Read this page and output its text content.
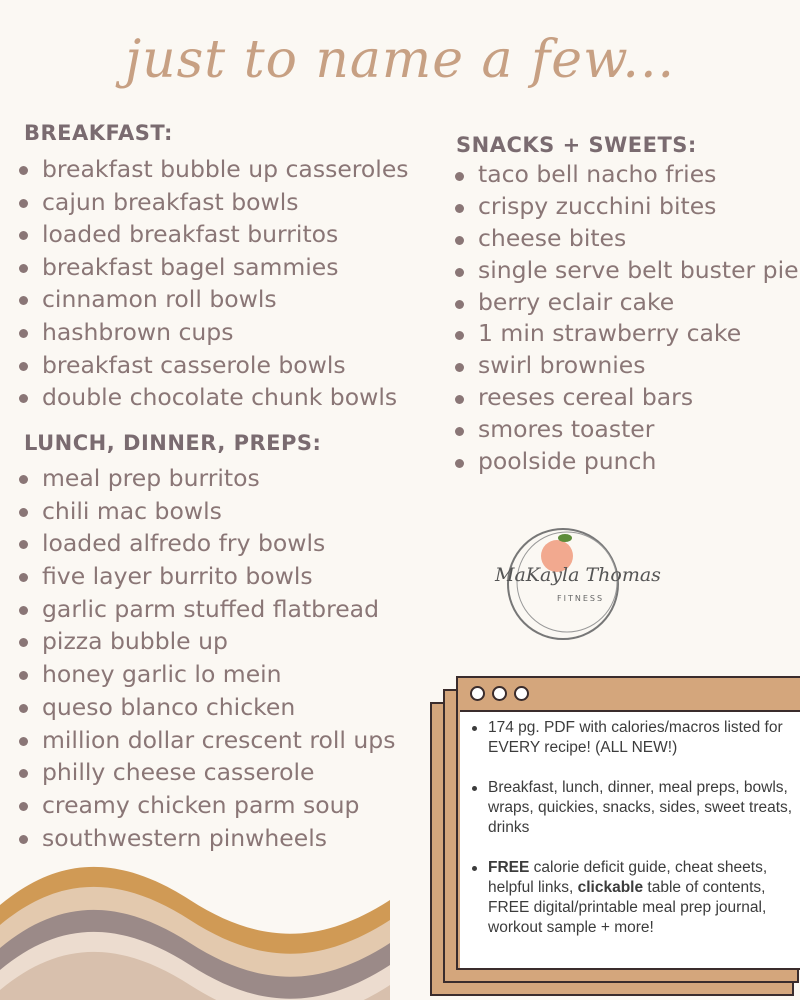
just to name a few...
BREAKFAST:
breakfast bubble up casseroles
cajun breakfast bowls
loaded breakfast burritos
breakfast bagel sammies
cinnamon roll bowls
hashbrown cups
breakfast casserole bowls
double chocolate chunk bowls
LUNCH, DINNER, PREPS:
meal prep burritos
chili mac bowls
loaded alfredo fry bowls
five layer burrito bowls
garlic parm stuffed flatbread
pizza bubble up
honey garlic lo mein
queso blanco chicken
million dollar crescent roll ups
philly cheese casserole
creamy chicken parm soup
southwestern pinwheels
SNACKS + SWEETS:
taco bell nacho fries
crispy zucchini bites
cheese bites
single serve belt buster pie
berry eclair cake
1 min strawberry cake
swirl brownies
reeses cereal bars
smores toaster
poolside punch
MaKayla Thomas
FITNESS
174 pg. PDF with calories/macros listed for EVERY recipe! (ALL NEW!)
Breakfast, lunch, dinner, meal preps, bowls, wraps, quickies, snacks, sides, sweet treats, drinks
FREE calorie deficit guide, cheat sheets, helpful links, clickable table of contents, FREE digital/printable meal prep journal, workout sample + more!
